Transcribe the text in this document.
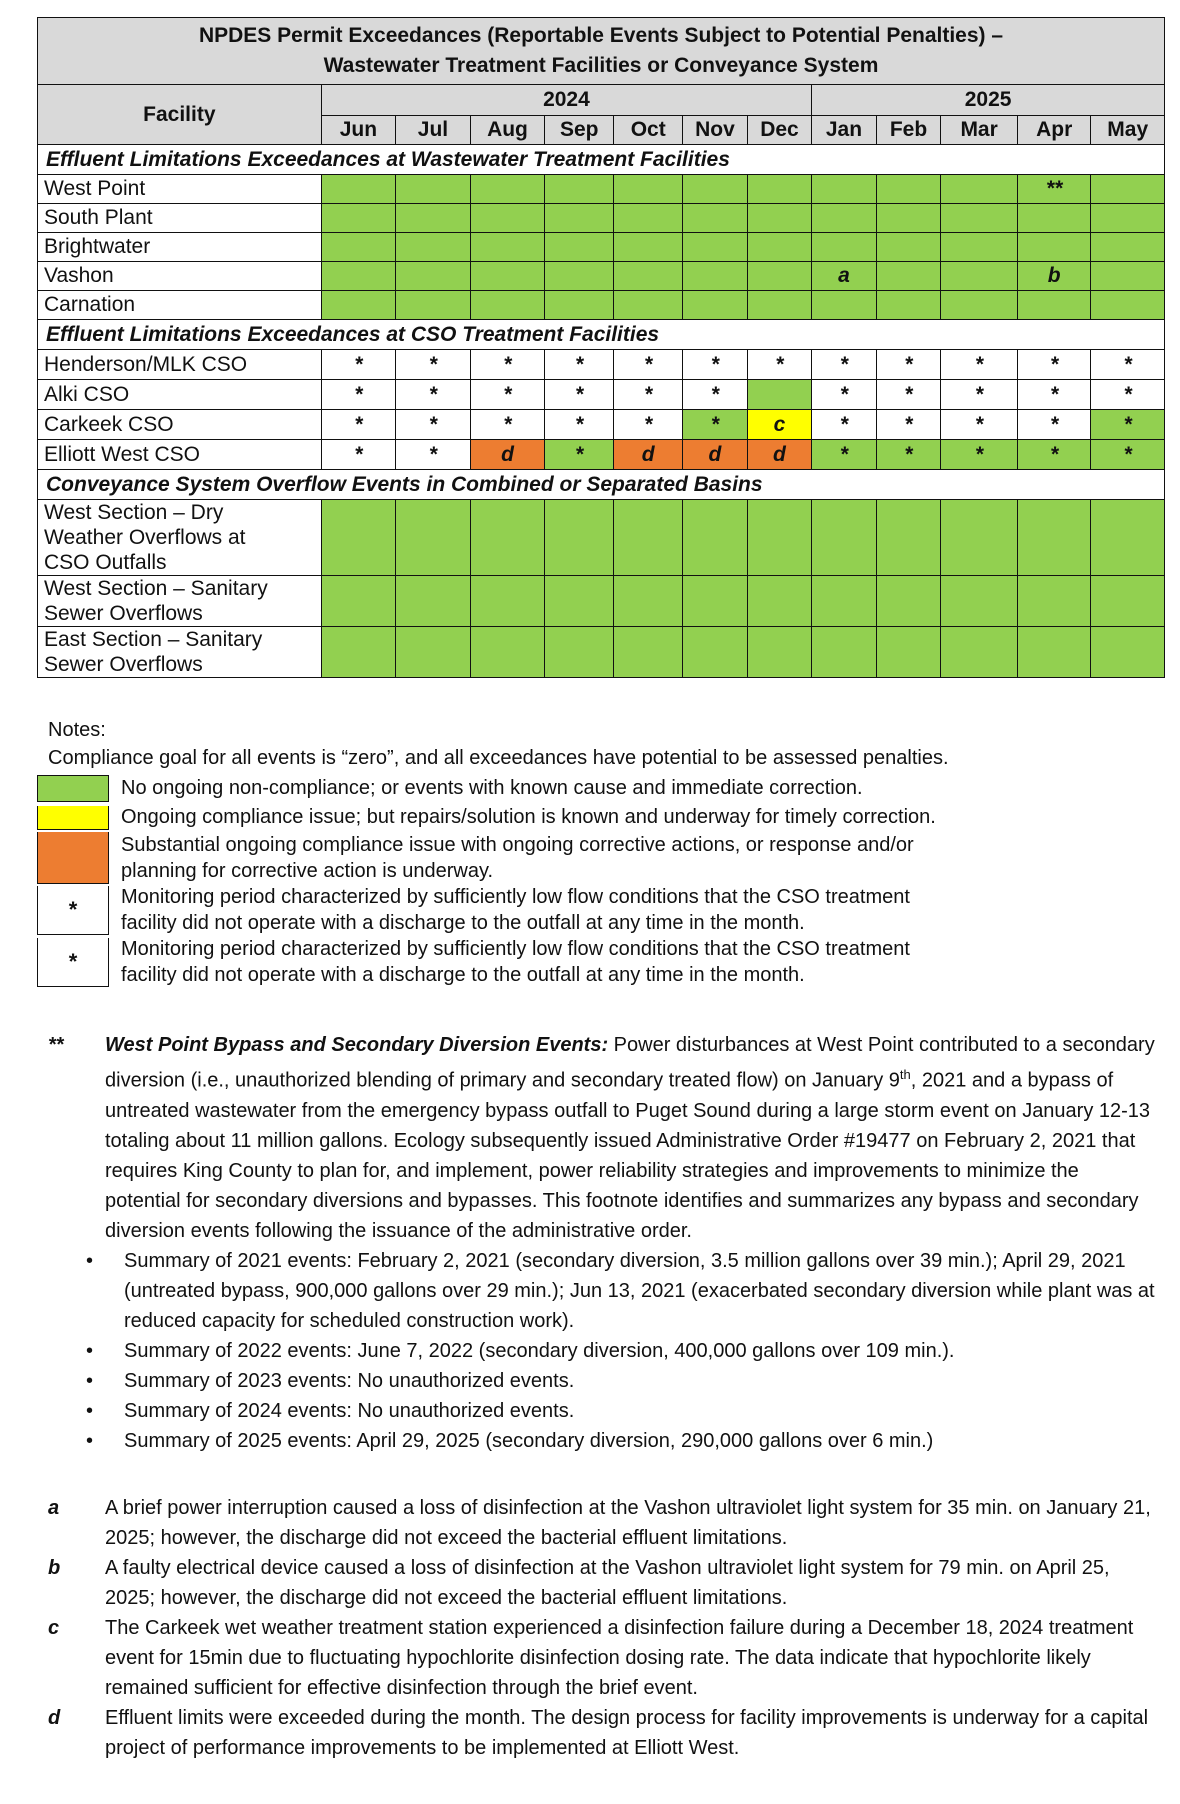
NPDES Permit Exceedances (Reportable Events Subject to Potential Penalties) –
Wastewater Treatment Facilities or Conveyance System												

Facility	2024							2025				
	Jun	Jul	Aug	Sep	Oct	Nov	Dec	Jan	Feb	Mar	Apr	May
Effluent Limitations Exceedances at Wastewater Treatment Facilities												
West Point											**	
South Plant												
Brightwater												
Vashon								a			b	
Carnation												
Effluent Limitations Exceedances at CSO Treatment Facilities												
Henderson/MLK CSO	*	*	*	*	*	*	*	*	*	*	*	*
Alki CSO	*	*	*	*	*	*		*	*	*	*	*
Carkeek CSO	*	*	*	*	*	*	c	*	*	*	*	*
Elliott West CSO	*	*	d	*	d	d	d	*	*	*	*	*
Conveyance System Overflow Events in Combined or Separated Basins												

West Section – Dry
Weather Overflows at
CSO Outfalls												

West Section – Sanitary
Sewer Overflows												

East Section – Sanitary
Sewer Overflows												

Notes:
Compliance goal for all events is “zero”, and all exceedances have potential to be assessed penalties.
No ongoing non-compliance; or events with known cause and immediate correction.
Ongoing compliance issue; but repairs/solution is known and underway for timely correction.
Substantial ongoing compliance issue with ongoing corrective actions, or response and/or
planning for corrective action is underway.
*	Monitoring period characterized by sufficiently low flow conditions that the CSO treatment
facility did not operate with a discharge to the outfall at any time in the month.
*	Monitoring period characterized by sufficiently low flow conditions that the CSO treatment
facility did not operate with a discharge to the outfall at any time in the month.
** West Point Bypass and Secondary Diversion Events: Power disturbances at West Point contributed to a secondary diversion (i.e., unauthorized blending of primary and secondary treated flow) on January 9th, 2021 and a bypass of untreated wastewater from the emergency bypass outfall to Puget Sound during a large storm event on January 12-13 totaling about 11 million gallons. Ecology subsequently issued Administrative Order #19477 on February 2, 2021 that requires King County to plan for, and implement, power reliability strategies and improvements to minimize the potential for secondary diversions and bypasses. This footnote identifies and summarizes any bypass and secondary diversion events following the issuance of the administrative order.
• Summary of 2021 events: February 2, 2021 (secondary diversion, 3.5 million gallons over 39 min.); April 29, 2021 (untreated bypass, 900,000 gallons over 29 min.); Jun 13, 2021 (exacerbated secondary diversion while plant was at reduced capacity for scheduled construction work).
• Summary of 2022 events: June 7, 2022 (secondary diversion, 400,000 gallons over 109 min.).
• Summary of 2023 events: No unauthorized events.
• Summary of 2024 events: No unauthorized events.
• Summary of 2025 events: April 29, 2025 (secondary diversion, 290,000 gallons over 6 min.)
a A brief power interruption caused a loss of disinfection at the Vashon ultraviolet light system for 35 min. on January 21, 2025; however, the discharge did not exceed the bacterial effluent limitations.
b A faulty electrical device caused a loss of disinfection at the Vashon ultraviolet light system for 79 min. on April 25, 2025; however, the discharge did not exceed the bacterial effluent limitations.
c The Carkeek wet weather treatment station experienced a disinfection failure during a December 18, 2024 treatment event for 15min due to fluctuating hypochlorite disinfection dosing rate. The data indicate that hypochlorite likely remained sufficient for effective disinfection through the brief event.
d Effluent limits were exceeded during the month. The design process for facility improvements is underway for a capital project of performance improvements to be implemented at Elliott West.
